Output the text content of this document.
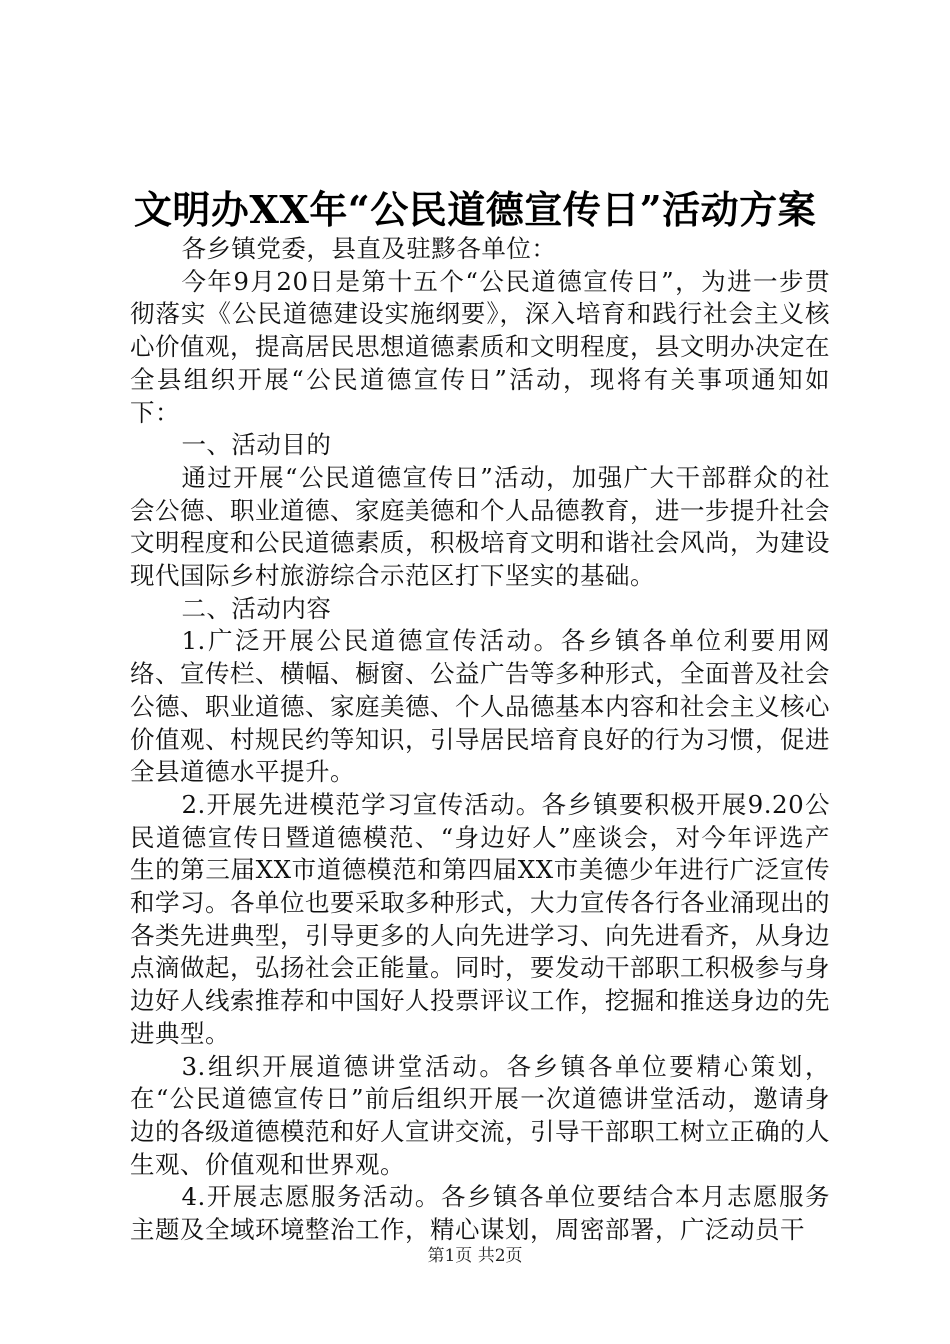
文明办XX年“公民道德宣传日”活动方案

各乡镇党委，县直及驻黟各单位：

今年9月20日是第十五个“公民道德宣传日”，为进一步贯彻落实《公民道德建设实施纲要》，深入培育和践行社会主义核心价值观，提高居民思想道德素质和文明程度，县文明办决定在全县组织开展“公民道德宣传日”活动，现将有关事项通知如下：

一、活动目的

通过开展“公民道德宣传日”活动，加强广大干部群众的社会公德、职业道德、家庭美德和个人品德教育，进一步提升社会文明程度和公民道德素质，积极培育文明和谐社会风尚，为建设现代国际乡村旅游综合示范区打下坚实的基础。

二、活动内容

1.广泛开展公民道德宣传活动。各乡镇各单位利要用网络、宣传栏、横幅、橱窗、公益广告等多种形式，全面普及社会公德、职业道德、家庭美德、个人品德基本内容和社会主义核心价值观、村规民约等知识，引导居民培育良好的行为习惯，促进全县道德水平提升。

2.开展先进模范学习宣传活动。各乡镇要积极开展9.20公民道德宣传日暨道德模范、“身边好人”座谈会，对今年评选产生的第三届XX市道德模范和第四届XX市美德少年进行广泛宣传和学习。各单位也要采取多种形式，大力宣传各行各业涌现出的各类先进典型，引导更多的人向先进学习、向先进看齐，从身边点滴做起，弘扬社会正能量。同时，要发动干部职工积极参与身边好人线索推荐和中国好人投票评议工作，挖掘和推送身边的先进典型。

3.组织开展道德讲堂活动。各乡镇各单位要精心策划，在“公民道德宣传日”前后组织开展一次道德讲堂活动，邀请身边的各级道德模范和好人宣讲交流，引导干部职工树立正确的人生观、价值观和世界观。

4.开展志愿服务活动。各乡镇各单位要结合本月志愿服务主题及全域环境整治工作，精心谋划，周密部署，广泛动员干

第1页 共2页
